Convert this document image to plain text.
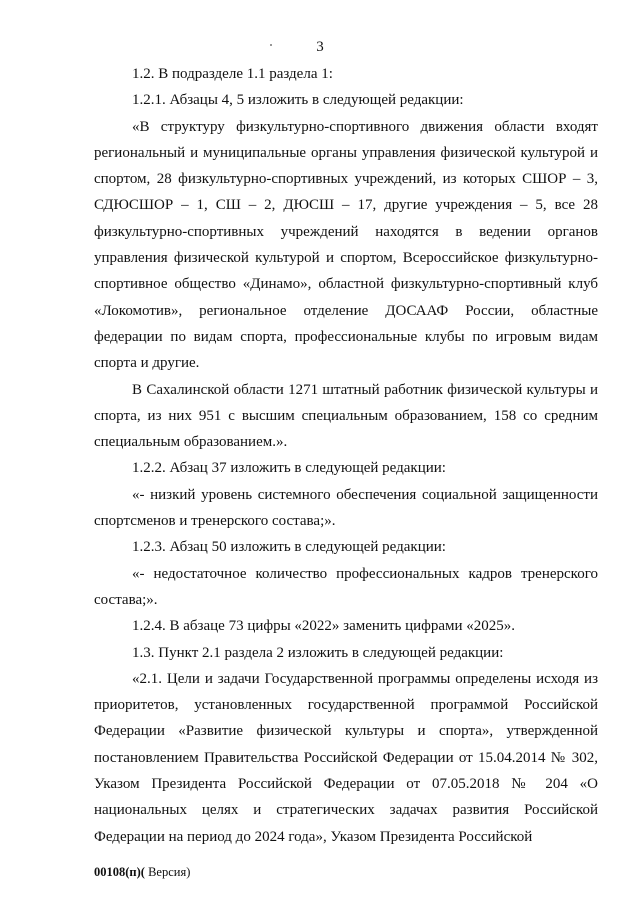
3

1.2. В подразделе 1.1 раздела 1:

1.2.1. Абзацы 4, 5 изложить в следующей редакции:

«В структуру физкультурно-спортивного движения области входят региональный и муниципальные органы управления физической культурой и спортом, 28 физкультурно-спортивных учреждений, из которых СШОР – 3, СДЮСШОР – 1, СШ – 2, ДЮСШ – 17, другие учреждения – 5, все 28 физкультурно-спортивных учреждений находятся в ведении органов управления физической культурой и спортом, Всероссийское физкультурно-спортивное общество «Динамо», областной физкультурно-спортивный клуб «Локомотив», региональное отделение ДОСААФ России, областные федерации по видам спорта, профессиональные клубы по игровым видам спорта и другие.

В Сахалинской области 1271 штатный работник физической культуры и спорта, из них 951 с высшим специальным образованием, 158 со средним специальным образованием.».

1.2.2. Абзац 37 изложить в следующей редакции:

«- низкий уровень системного обеспечения социальной защищенности спортсменов и тренерского состава;».

1.2.3. Абзац 50 изложить в следующей редакции:

«- недостаточное количество профессиональных кадров тренерского состава;».

1.2.4. В абзаце 73 цифры «2022» заменить цифрами «2025».

1.3. Пункт 2.1 раздела 2 изложить в следующей редакции:

«2.1. Цели и задачи Государственной программы определены исходя из приоритетов, установленных государственной программой Российской Федерации «Развитие физической культуры и спорта», утвержденной постановлением Правительства Российской Федерации от 15.04.2014 № 302, Указом Президента Российской Федерации от 07.05.2018 № 204 «О национальных целях и стратегических задачах развития Российской Федерации на период до 2024 года», Указом Президента Российской

00108(п)( Версия)
